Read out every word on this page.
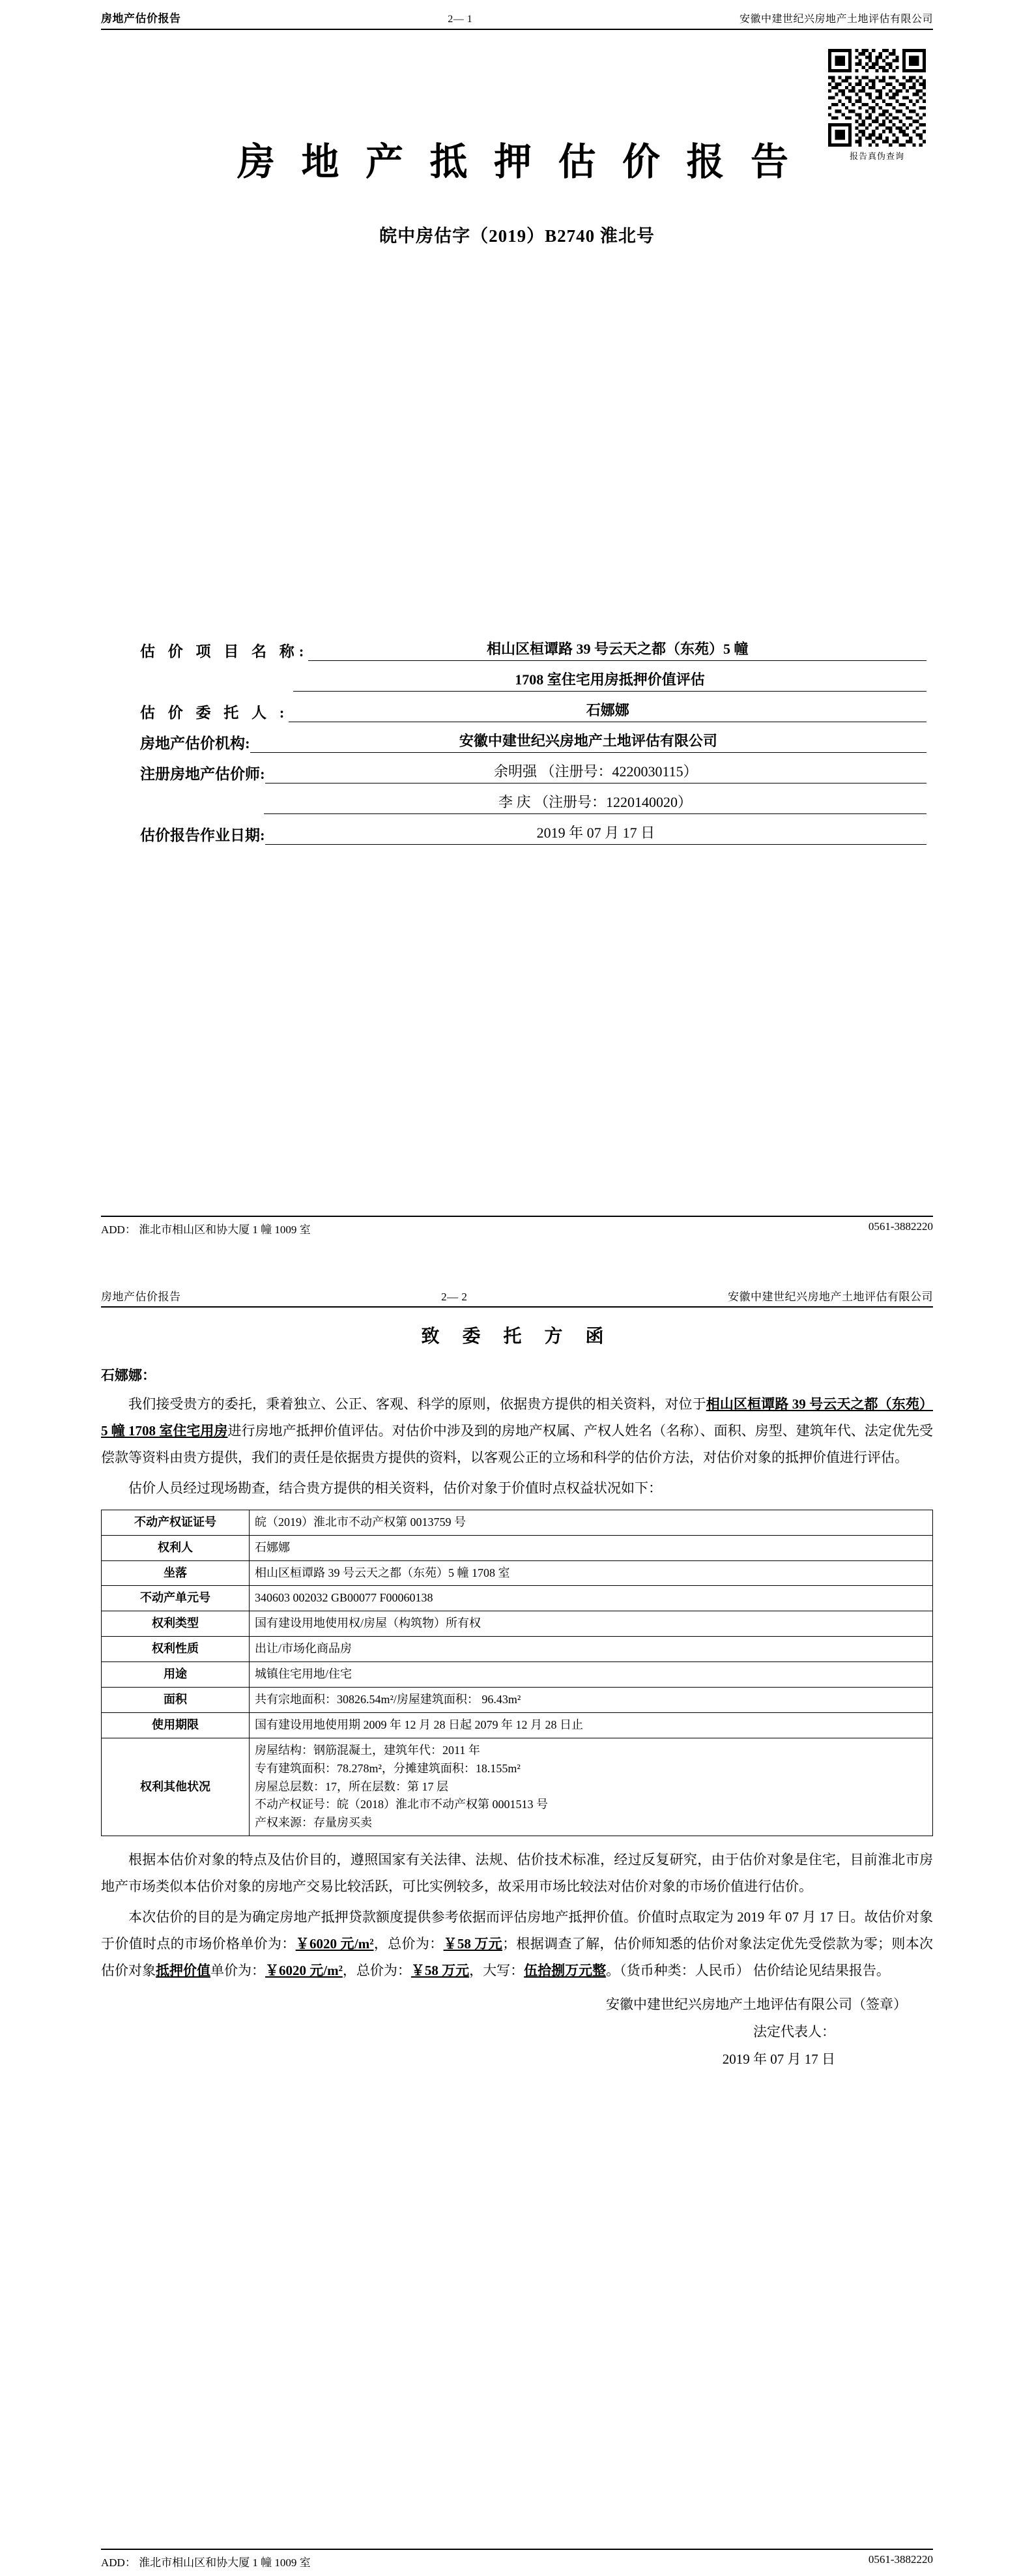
房地产估价报告	2— 1	安徽中建世纪兴房地产土地评估有限公司
报告真伪查询
房 地 产 抵 押 估 价 报 告
皖中房估字（2019）B2740 淮北号
估 价 项 目 名 称:	相山区桓谭路 39 号云天之都（东苑）5 幢
1708 室住宅用房抵押价值评估
估 价 委 托 人 :	石娜娜
房地产估价机构:	安徽中建世纪兴房地产土地评估有限公司
注册房地产估价师:	余明强 （注册号：4220030115）
李 庆 （注册号：1220140020）
估价报告作业日期:	2019 年 07 月 17 日
ADD： 淮北市相山区和协大厦 1 幢 1009 室	0561-3882220
房地产估价报告	2— 2	安徽中建世纪兴房地产土地评估有限公司
致 委 托 方 函
石娜娜：

我们接受贵方的委托，秉着独立、公正、客观、科学的原则，依据贵方提供的相关资料，对位于相山区桓谭路 39 号云天之都（东苑）5 幢 1708 室住宅用房进行房地产抵押价值评估。对估价中涉及到的房地产权属、产权人姓名（名称）、面积、房型、建筑年代、法定优先受偿款等资料由贵方提供，我们的责任是依据贵方提供的资料，以客观公正的立场和科学的估价方法，对估价对象的抵押价值进行评估。

估价人员经过现场勘查，结合贵方提供的相关资料，估价对象于价值时点权益状况如下：

不动产权证证号	皖（2019）淮北市不动产权第 0013759 号
权利人	石娜娜
坐落	相山区桓谭路 39 号云天之都（东苑）5 幢 1708 室
不动产单元号	340603 002032 GB00077 F00060138
权利类型	国有建设用地使用权/房屋（构筑物）所有权
权利性质	出让/市场化商品房
用途	城镇住宅用地/住宅
面积	共有宗地面积：30826.54m²/房屋建筑面积： 96.43m²
使用期限	国有建设用地使用期 2009 年 12 月 28 日起 2079 年 12 月 28 日止
权利其他状况	房屋结构：钢筋混凝土，建筑年代：2011 年
专有建筑面积：78.278m²，分摊建筑面积：18.155m²
房屋总层数：17，所在层数：第 17 层
不动产权证号：皖（2018）淮北市不动产权第 0001513 号
产权来源：存量房买卖

根据本估价对象的特点及估价目的，遵照国家有关法律、法规、估价技术标准，经过反复研究，由于估价对象是住宅，目前淮北市房地产市场类似本估价对象的房地产交易比较活跃，可比实例较多，故采用市场比较法对估价对象的市场价值进行估价。

本次估价的目的是为确定房地产抵押贷款额度提供参考依据而评估房地产抵押价值。价值时点取定为 2019 年 07 月 17 日。故估价对象于价值时点的市场价格单价为：￥6020 元/m²，总价为：￥58 万元；根据调查了解，估价师知悉的估价对象法定优先受偿款为零；则本次估价对象抵押价值单价为：￥6020 元/m²，总价为：￥58 万元，大写：伍拾捌万元整。（货币种类：人民币） 估价结论见结果报告。

安徽中建世纪兴房地产土地评估有限公司（签章）
法定代表人：
2019 年 07 月 17 日
ADD： 淮北市相山区和协大厦 1 幢 1009 室	0561-3882220
